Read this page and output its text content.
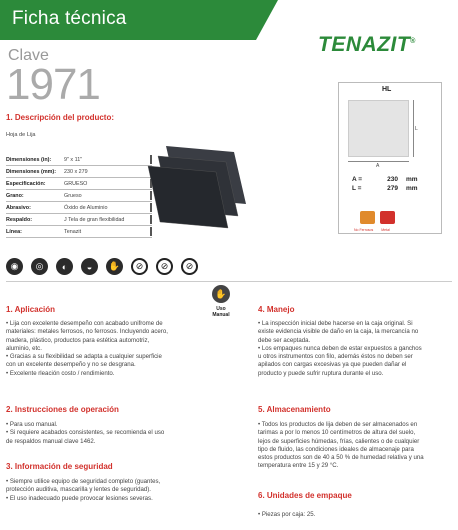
Ficha técnica
TENAZIT®
Clave
1971
1. Descripción del producto:
Hoja de Lija
Dimensiones (in):	9" x 11"
Dimensiones (mm):	230 x 279
Especificación:	GRUESO
Grano:	Grueso
Abrasivo:	Óxido de Aluminio
Respaldo:	J Tela de gran flexibilidad
Línea:	Tenazit
HL
L
A
A =	230 mm
L =	279 mm
No Ferrosos Metal
◉	◎	◐	◒	✋	⊘	⊘	⊘
✋
Uso
Manual
1. Aplicación

• Lija con excelente desempeño con acabado unifrome de

materiales: metales ferrosos, no ferrosos. Incluyendo acero,

madera, plástico, productos para estética automotriz,

aluminio, etc.

• Gracias a su flexibilidad se adapta a cualquier superficie

con un excelente desempeño y no se desgrana.

• Excelente rleación costo / rendimiento.

2. Instrucciones de operación

• Para uso manual.

• Si requiere acabados consistentes, se recomienda el uso

de respaldos manual clave 1462.

3. Información de seguridad

• Siempre utilice equipo de seguridad completo (guantes,

protección auditiva, mascarilla y lentes de seguridad).

• El uso inadecuado puede provocar lesiones severas.

4. Manejo

• La inspección inicial debe hacerse en la caja original. Si

existe evidencia visible de daño en la caja, la mercancía no

debe ser aceptada.

• Los empaques nunca deben de estar expuestos a ganchos

u otros instrumentos con filo, además éstos no deben ser

apilados con cargas excesivas ya que pueden dañar el

producto y puede sufrir ruptura durante el uso.

5. Almacenamiento

• Todos los productos de lija deben de ser almacenados en

tarimas a por lo menos 10 centímetros de altura del suelo,

lejos de superficies húmedas, frías, calientes o de cualquier

tipo de fluido, las condiciones ideales de almacenaje para

estos productos son de 40 a 50 % de humedad relativa y una

temperatura entre 15 y 29 °C.

6. Unidades de empaque

• Piezas por caja: 25.
